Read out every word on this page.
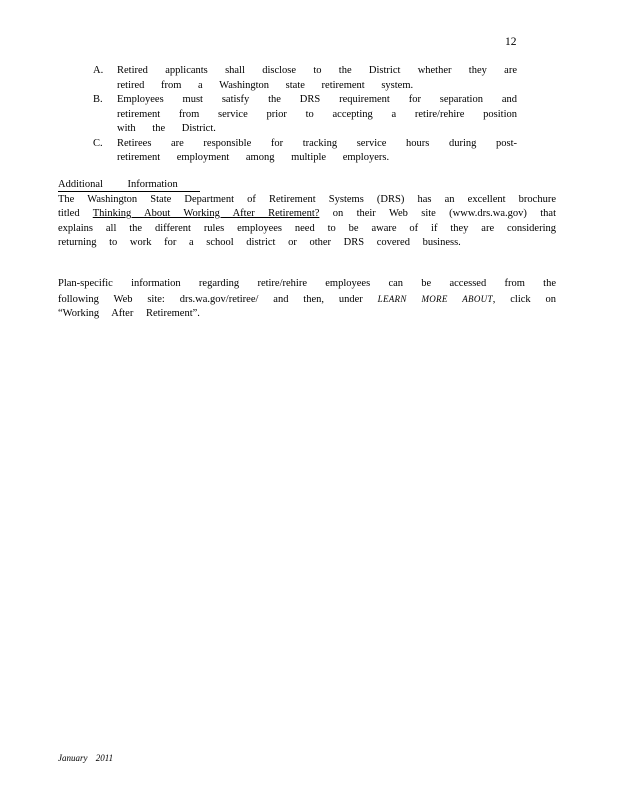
12
A.	Retired applicants shall disclose to the District whether they are retired from a Washington state retirement system.
B.	Employees must satisfy the DRS requirement for separation and retirement from service prior to accepting a retire/rehire position with the District.
C.	Retirees are responsible for tracking service hours during post-retirement employment among multiple employers.
Additional Information
The Washington State Department of Retirement Systems (DRS) has an excellent brochure titled Thinking About Working After Retirement? on their Web site (www.drs.wa.gov) that explains all the different rules employees need to be aware of if they are considering returning to work for a school district or other DRS covered business.
Plan-specific information regarding retire/rehire employees can be accessed from the following Web site: drs.wa.gov/retiree/ and then, under LEARN MORE ABOUT, click on “Working After Retirement”.
January 2011
